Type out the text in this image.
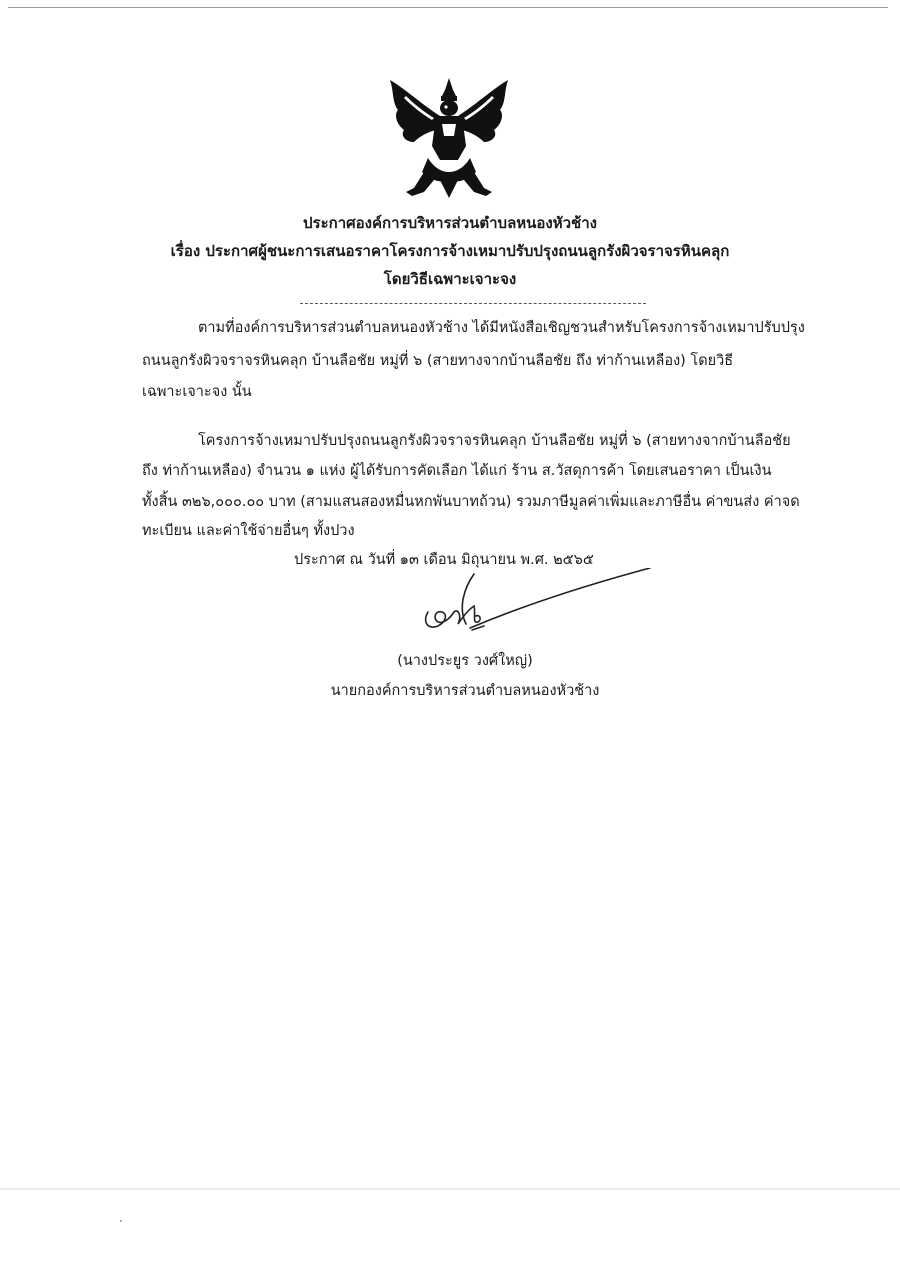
ประกาศองค์การบริหารส่วนตำบลหนองหัวช้าง
เรื่อง ประกาศผู้ชนะการเสนอราคาโครงการจ้างเหมาปรับปรุงถนนลูกรังผิวจราจรหินคลุก
โดยวิธีเฉพาะเจาะจง
ตามที่องค์การบริหารส่วนตำบลหนองหัวช้าง ได้มีหนังสือเชิญชวนสำหรับโครงการจ้างเหมาปรับปรุง
ถนนลูกรังผิวจราจรหินคลุก บ้านลือชัย หมู่ที่ ๖ (สายทางจากบ้านลือชัย ถึง ท่าก้านเหลือง) โดยวิธี
เฉพาะเจาะจง นั้น
โครงการจ้างเหมาปรับปรุงถนนลูกรังผิวจราจรหินคลุก บ้านลือชัย หมู่ที่ ๖ (สายทางจากบ้านลือชัย
ถึง ท่าก้านเหลือง) จำนวน ๑ แห่ง ผู้ได้รับการคัดเลือก ได้แก่ ร้าน ส.วัสดุการค้า โดยเสนอราคา เป็นเงิน
ทั้งสิ้น ๓๒๖,๐๐๐.๐๐ บาท (สามแสนสองหมื่นหกพันบาทถ้วน) รวมภาษีมูลค่าเพิ่มและภาษีอื่น ค่าขนส่ง ค่าจด
ทะเบียน และค่าใช้จ่ายอื่นๆ ทั้งปวง
ประกาศ ณ วันที่ ๑๓ เดือน มิถุนายน พ.ศ. ๒๕๖๕
(นางประยูร วงศ์ใหญ่)
นายกองค์การบริหารส่วนตำบลหนองหัวช้าง
